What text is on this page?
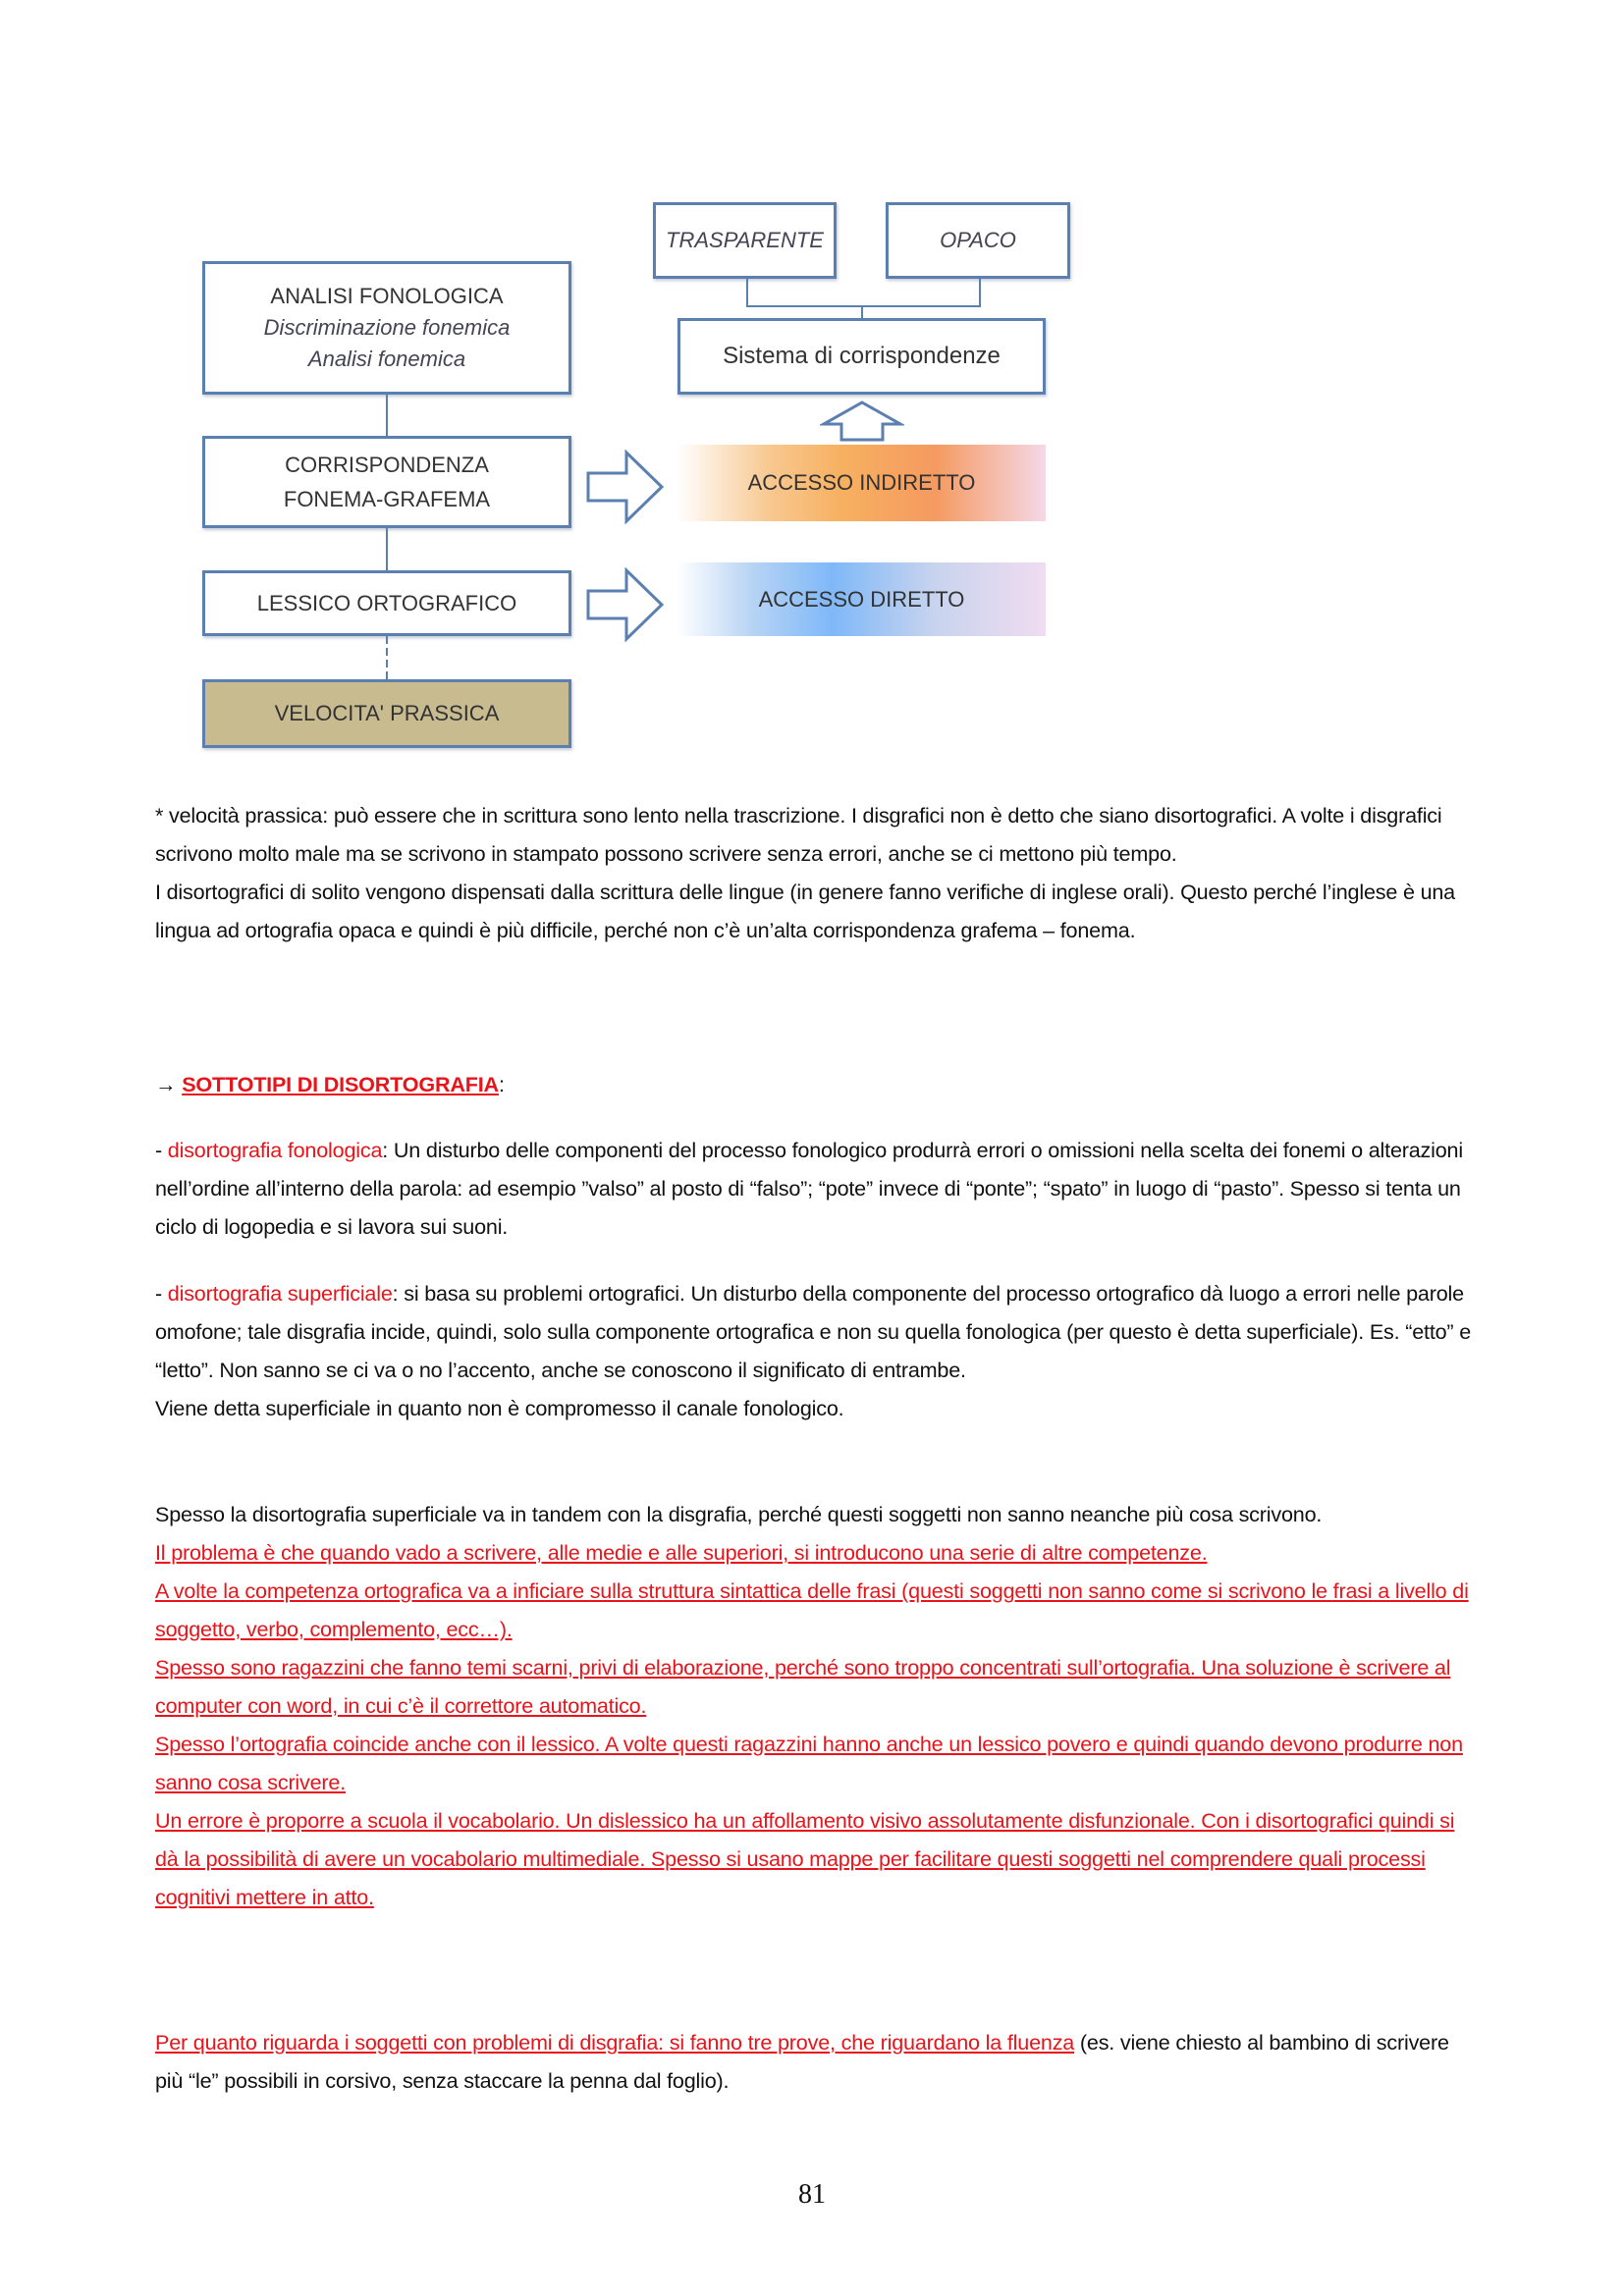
ANALISI FONOLOGICA
Discriminazione fonemica
Analisi fonemica
CORRISPONDENZA
FONEMA-GRAFEMA
LESSICO ORTOGRAFICO
VELOCITA' PRASSICA
TRASPARENTE	OPACO
Sistema di corrispondenze
ACCESSO INDIRETTO
ACCESSO DIRETTO

* velocità prassica: può essere che in scrittura sono lento nella trascrizione. I disgrafici non è detto che siano disortografici. A volte i disgrafici scrivono molto male ma se scrivono in stampato possono scrivere senza errori, anche se ci mettono più tempo.

I disortografici di solito vengono dispensati dalla scrittura delle lingue (in genere fanno verifiche di inglese orali). Questo perché l’inglese è una lingua ad ortografia opaca e quindi è più difficile, perché non c’è un’alta corrispondenza grafema – fonema.

→ SOTTOTIPI DI DISORTOGRAFIA:
- disortografia fonologica: Un disturbo delle componenti del processo fonologico produrrà errori o omissioni nella scelta dei fonemi o alterazioni nell’ordine all’interno della parola: ad esempio ”valso” al posto di “falso”; “pote” invece di “ponte”; “spato” in luogo di “pasto”. Spesso si tenta un ciclo di logopedia e si lavora sui suoni.

- disortografia superficiale: si basa su problemi ortografici. Un disturbo della componente del processo ortografico dà luogo a errori nelle parole omofone; tale disgrafia incide, quindi, solo sulla componente ortografica e non su quella fonologica (per questo è detta superficiale). Es. “etto” e “letto”. Non sanno se ci va o no l’accento, anche se conoscono il significato di entrambe.

Viene detta superficiale in quanto non è compromesso il canale fonologico.

Spesso la disortografia superficiale va in tandem con la disgrafia, perché questi soggetti non sanno neanche più cosa scrivono.

Il problema è che quando vado a scrivere, alle medie e alle superiori, si introducono una serie di altre competenze.

A volte la competenza ortografica va a inficiare sulla struttura sintattica delle frasi (questi soggetti non sanno come si scrivono le frasi a livello di soggetto, verbo, complemento, ecc…).

Spesso sono ragazzini che fanno temi scarni, privi di elaborazione, perché sono troppo concentrati sull’ortografia. Una soluzione è scrivere al computer con word, in cui c’è il correttore automatico.

Spesso l’ortografia coincide anche con il lessico. A volte questi ragazzini hanno anche un lessico povero e quindi quando devono produrre non sanno cosa scrivere.

Un errore è proporre a scuola il vocabolario. Un dislessico ha un affollamento visivo assolutamente disfunzionale. Con i disortografici quindi si dà la possibilità di avere un vocabolario multimediale. Spesso si usano mappe per facilitare questi soggetti nel comprendere quali processi cognitivi mettere in atto.

Per quanto riguarda i soggetti con problemi di disgrafia: si fanno tre prove, che riguardano la fluenza (es. viene chiesto al bambino di scrivere più “le” possibili in corsivo, senza staccare la penna dal foglio).
81
